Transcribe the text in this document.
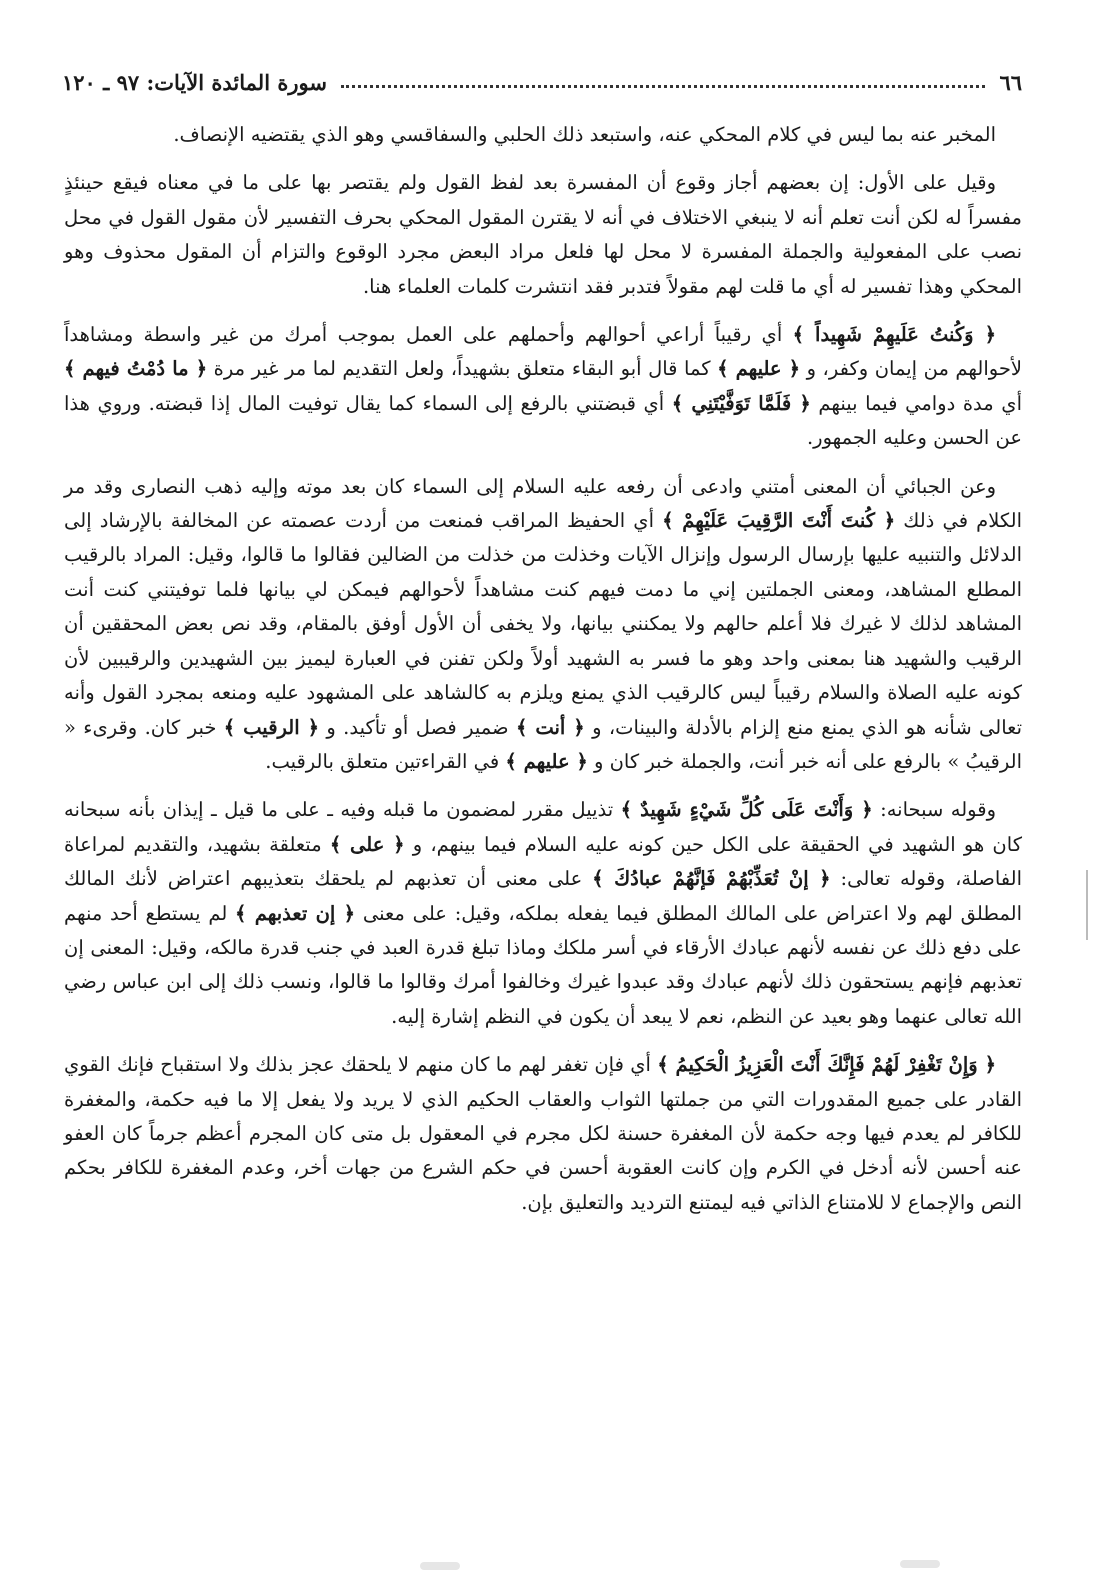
٦٦
سورة المائدة الآيات: ٩٧ ـ ١٢٠

المخبر عنه بما ليس في كلام المحكي عنه، واستبعد ذلك الحلبي والسفاقسي وهو الذي يقتضيه الإنصاف.

وقيل على الأول: إن بعضهم أجاز وقوع أن المفسرة بعد لفظ القول ولم يقتصر بها على ما في معناه فيقع حينئذٍ مفسراً له لكن أنت تعلم أنه لا ينبغي الاختلاف في أنه لا يقترن المقول المحكي بحرف التفسير لأن مقول القول في محل نصب على المفعولية والجملة المفسرة لا محل لها فلعل مراد البعض مجرد الوقوع والتزام أن المقول محذوف وهو المحكي وهذا تفسير له أي ما قلت لهم مقولاً فتدبر فقد انتشرت كلمات العلماء هنا.

﴿ وَكُنتُ عَلَيهِمْ شَهِيداً ﴾ أي رقيباً أراعي أحوالهم وأحملهم على العمل بموجب أمرك من غير واسطة ومشاهداً لأحوالهم من إيمان وكفر، و ﴿ عليهم ﴾ كما قال أبو البقاء متعلق بشهيداً، ولعل التقديم لما مر غير مرة ﴿ ما دُمْتُ فيهم ﴾ أي مدة دوامي فيما بينهم ﴿ فَلَمَّا تَوَفَّيْتَنِي ﴾ أي قبضتني بالرفع إلى السماء كما يقال توفيت المال إذا قبضته. وروي هذا عن الحسن وعليه الجمهور.

وعن الجبائي أن المعنى أمتني وادعى أن رفعه عليه السلام إلى السماء كان بعد موته وإليه ذهب النصارى وقد مر الكلام في ذلك ﴿ كُنتَ أَنْتَ الرَّقِيبَ عَلَيْهِمْ ﴾ أي الحفيظ المراقب فمنعت من أردت عصمته عن المخالفة بالإرشاد إلى الدلائل والتنبيه عليها بإرسال الرسول وإنزال الآيات وخذلت من خذلت من الضالين فقالوا ما قالوا، وقيل: المراد بالرقيب المطلع المشاهد، ومعنى الجملتين إني ما دمت فيهم كنت مشاهداً لأحوالهم فيمكن لي بيانها فلما توفيتني كنت أنت المشاهد لذلك لا غيرك فلا أعلم حالهم ولا يمكنني بيانها، ولا يخفى أن الأول أوفق بالمقام، وقد نص بعض المحققين أن الرقيب والشهيد هنا بمعنى واحد وهو ما فسر به الشهيد أولاً ولكن تفنن في العبارة ليميز بين الشهيدين والرقيبين لأن كونه عليه الصلاة والسلام رقيباً ليس كالرقيب الذي يمنع ويلزم به كالشاهد على المشهود عليه ومنعه بمجرد القول وأنه تعالى شأنه هو الذي يمنع منع إلزام بالأدلة والبينات، و ﴿ أنت ﴾ ضمير فصل أو تأكيد. و ﴿ الرقيب ﴾ خبر كان. وقرىء « الرقيبُ » بالرفع على أنه خبر أنت، والجملة خبر كان و ﴿ عليهم ﴾ في القراءتين متعلق بالرقيب.

وقوله سبحانه: ﴿ وَأَنْتَ عَلَى كُلِّ شَيْءٍ شَهِيدٌ ﴾ تذييل مقرر لمضمون ما قبله وفيه ـ على ما قيل ـ إيذان بأنه سبحانه كان هو الشهيد في الحقيقة على الكل حين كونه عليه السلام فيما بينهم، و ﴿ على ﴾ متعلقة بشهيد، والتقديم لمراعاة الفاصلة، وقوله تعالى: ﴿ إنْ تُعَذِّبْهُمْ فَإنَّهُمْ عبادُكَ ﴾ على معنى أن تعذبهم لم يلحقك بتعذيبهم اعتراض لأنك المالك المطلق لهم ولا اعتراض على المالك المطلق فيما يفعله بملكه، وقيل: على معنى ﴿ إن تعذبهم ﴾ لم يستطع أحد منهم على دفع ذلك عن نفسه لأنهم عبادك الأرقاء في أسر ملكك وماذا تبلغ قدرة العبد في جنب قدرة مالكه، وقيل: المعنى إن تعذبهم فإنهم يستحقون ذلك لأنهم عبادك وقد عبدوا غيرك وخالفوا أمرك وقالوا ما قالوا، ونسب ذلك إلى ابن عباس رضي الله تعالى عنهما وهو بعيد عن النظم، نعم لا يبعد أن يكون في النظم إشارة إليه.

﴿ وَإِنْ تَغْفِرْ لَهُمْ فَإِنَّكَ أَنْتَ الْعَزِيزُ الْحَكِيمُ ﴾ أي فإن تغفر لهم ما كان منهم لا يلحقك عجز بذلك ولا استقباح فإنك القوي القادر على جميع المقدورات التي من جملتها الثواب والعقاب الحكيم الذي لا يريد ولا يفعل إلا ما فيه حكمة، والمغفرة للكافر لم يعدم فيها وجه حكمة لأن المغفرة حسنة لكل مجرم في المعقول بل متى كان المجرم أعظم جرماً كان العفو عنه أحسن لأنه أدخل في الكرم وإن كانت العقوبة أحسن في حكم الشرع من جهات أخر، وعدم المغفرة للكافر بحكم النص والإجماع لا للامتناع الذاتي فيه ليمتنع الترديد والتعليق بإن.
